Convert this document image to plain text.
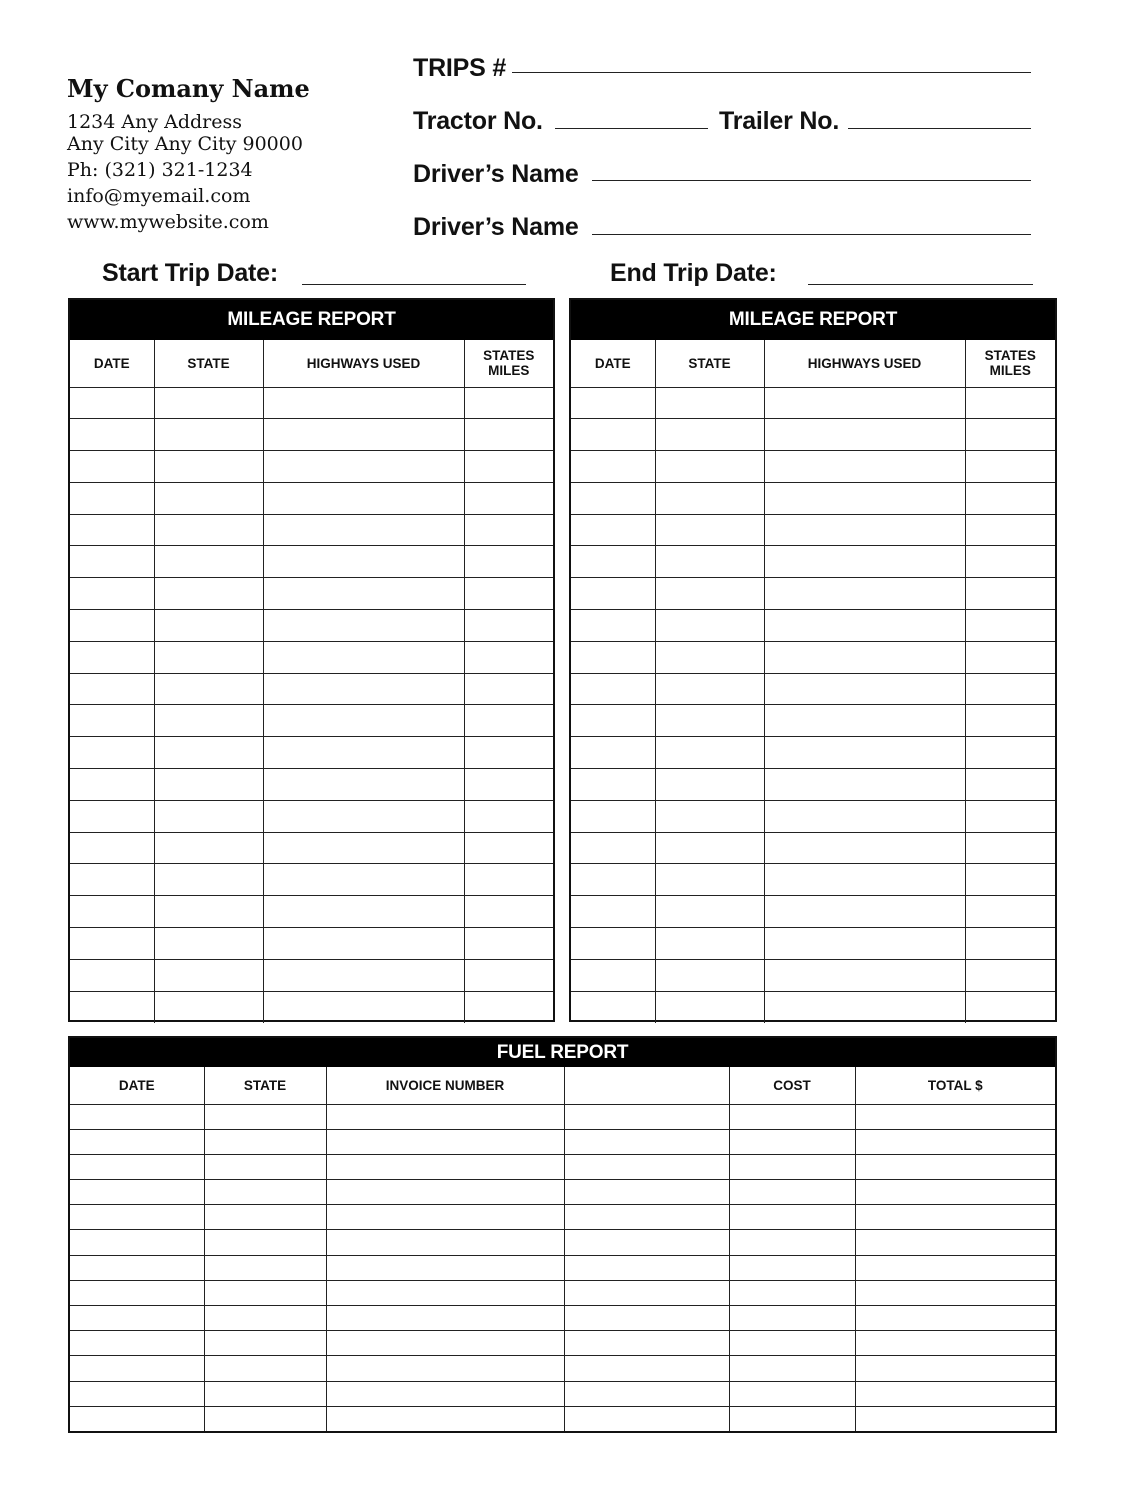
My Comany Name
1234 Any Address
Any City Any City 90000
Ph: (321) 321-1234
info@myemail.com
www.mywebsite.com
TRIPS #
Tractor No.	Trailer No.
Driver’s Name
Driver’s Name
Start Trip Date:	End Trip Date:
MILEAGE REPORT
DATE	STATE	HIGHWAYS USED	STATES
MILES

MILEAGE REPORT
DATE	STATE	HIGHWAYS USED	STATES
MILES

FUEL REPORT
DATE	STATE	INVOICE NUMBER		COST	TOTAL $
